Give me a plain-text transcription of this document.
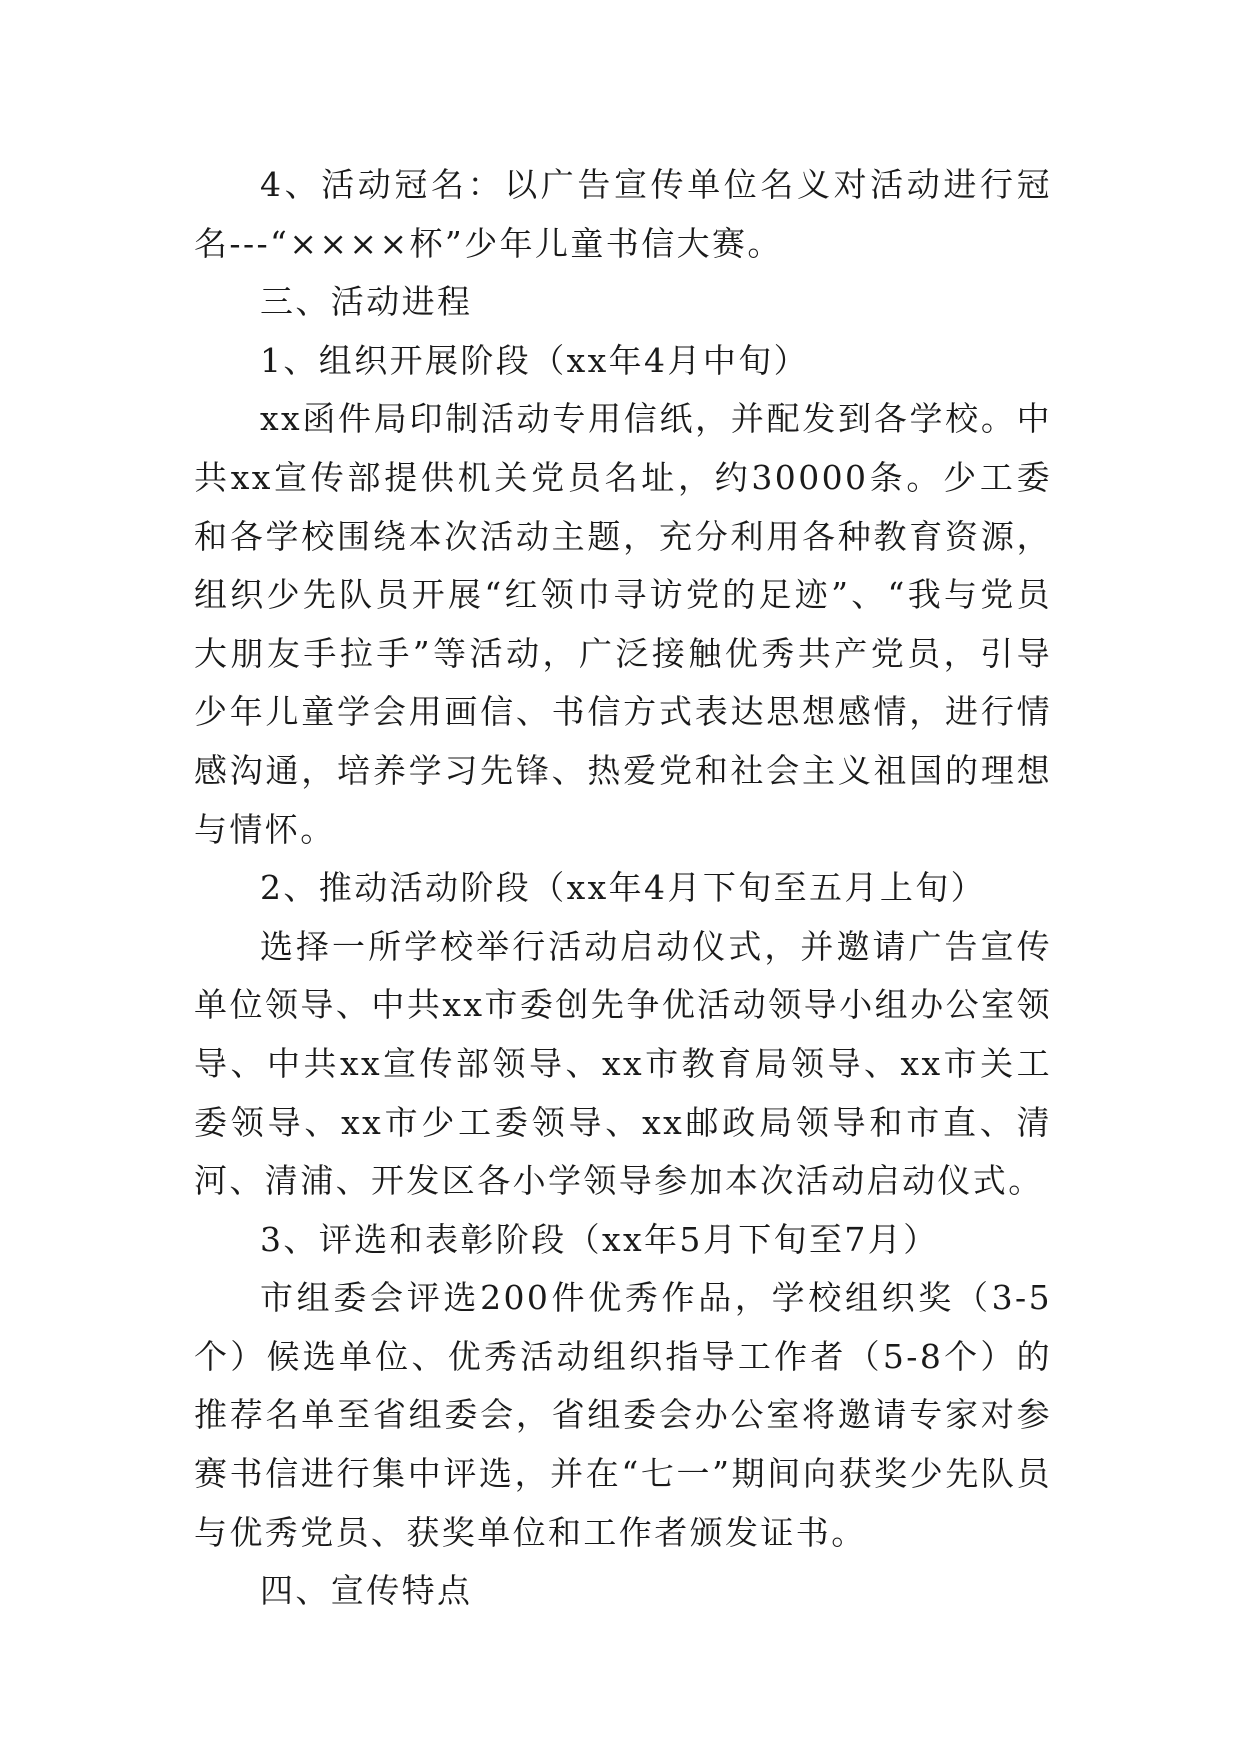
4、活动冠名：以广告宣传单位名义对活动进行冠名---“××××杯”少年儿童书信大赛。

三、活动进程

1、组织开展阶段（xx年4月中旬）

xx函件局印制活动专用信纸，并配发到各学校。中共xx宣传部提供机关党员名址，约30000条。少工委和各学校围绕本次活动主题，充分利用各种教育资源，组织少先队员开展“红领巾寻访党的足迹”、“我与党员大朋友手拉手”等活动，广泛接触优秀共产党员，引导少年儿童学会用画信、书信方式表达思想感情，进行情感沟通，培养学习先锋、热爱党和社会主义祖国的理想与情怀。

2、推动活动阶段（xx年4月下旬至五月上旬）

选择一所学校举行活动启动仪式，并邀请广告宣传单位领导、中共xx市委创先争优活动领导小组办公室领导、中共xx宣传部领导、xx市教育局领导、xx市关工委领导、xx市少工委领导、xx邮政局领导和市直、清河、清浦、开发区各小学领导参加本次活动启动仪式。

3、评选和表彰阶段（xx年5月下旬至7月）

市组委会评选200件优秀作品，学校组织奖（3-5个）候选单位、优秀活动组织指导工作者（5-8个）的推荐名单至省组委会，省组委会办公室将邀请专家对参赛书信进行集中评选，并在“七一”期间向获奖少先队员与优秀党员、获奖单位和工作者颁发证书。

四、宣传特点
